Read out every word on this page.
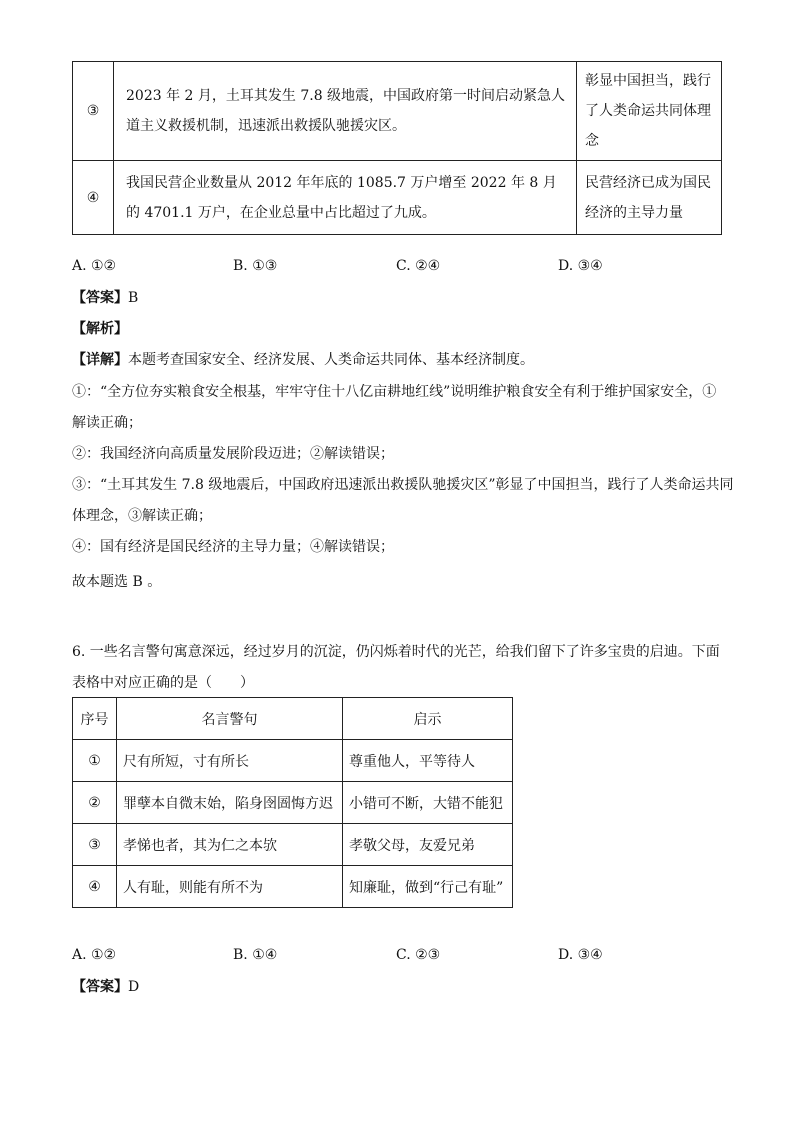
③	2023 年 2 月，土耳其发生 7.8 级地震，中国政府第一时间启动紧急人道主义救援机制，迅速派出救援队驰援灾区。	彰显中国担当，践行了人类命运共同体理念
④	我国民营企业数量从 2012 年年底的 1085.7 万户增至 2022 年 8 月的 4701.1 万户，在企业总量中占比超过了九成。	民营经济已成为国民经济的主导力量
A. ①②	B. ①③	C. ②④	D. ③④
【答案】B
【解析】
【详解】本题考查国家安全、经济发展、人类命运共同体、基本经济制度。
①：“全方位夯实粮食安全根基，牢牢守住十八亿亩耕地红线”说明维护粮食安全有利于维护国家安全，①
解读正确；
②：我国经济向高质量发展阶段迈进；②解读错误；
③：“土耳其发生 7.8 级地震后，中国政府迅速派出救援队驰援灾区”彰显了中国担当，践行了人类命运共同
体理念，③解读正确；
④：国有经济是国民经济的主导力量；④解读错误；
故本题选 B 。
6. 一些名言警句寓意深远，经过岁月的沉淀，仍闪烁着时代的光芒，给我们留下了许多宝贵的启迪。下面
表格中对应正确的是（　　）
序号	名言警句	启示
①	尺有所短，寸有所长	尊重他人，平等待人
②	罪孽本自微末始，陷身囹圄悔方迟	小错可不断，大错不能犯
③	孝悌也者，其为仁之本欤	孝敬父母，友爱兄弟
④	人有耻，则能有所不为	知廉耻，做到“行己有耻”
A. ①②	B. ①④	C. ②③	D. ③④
【答案】D
